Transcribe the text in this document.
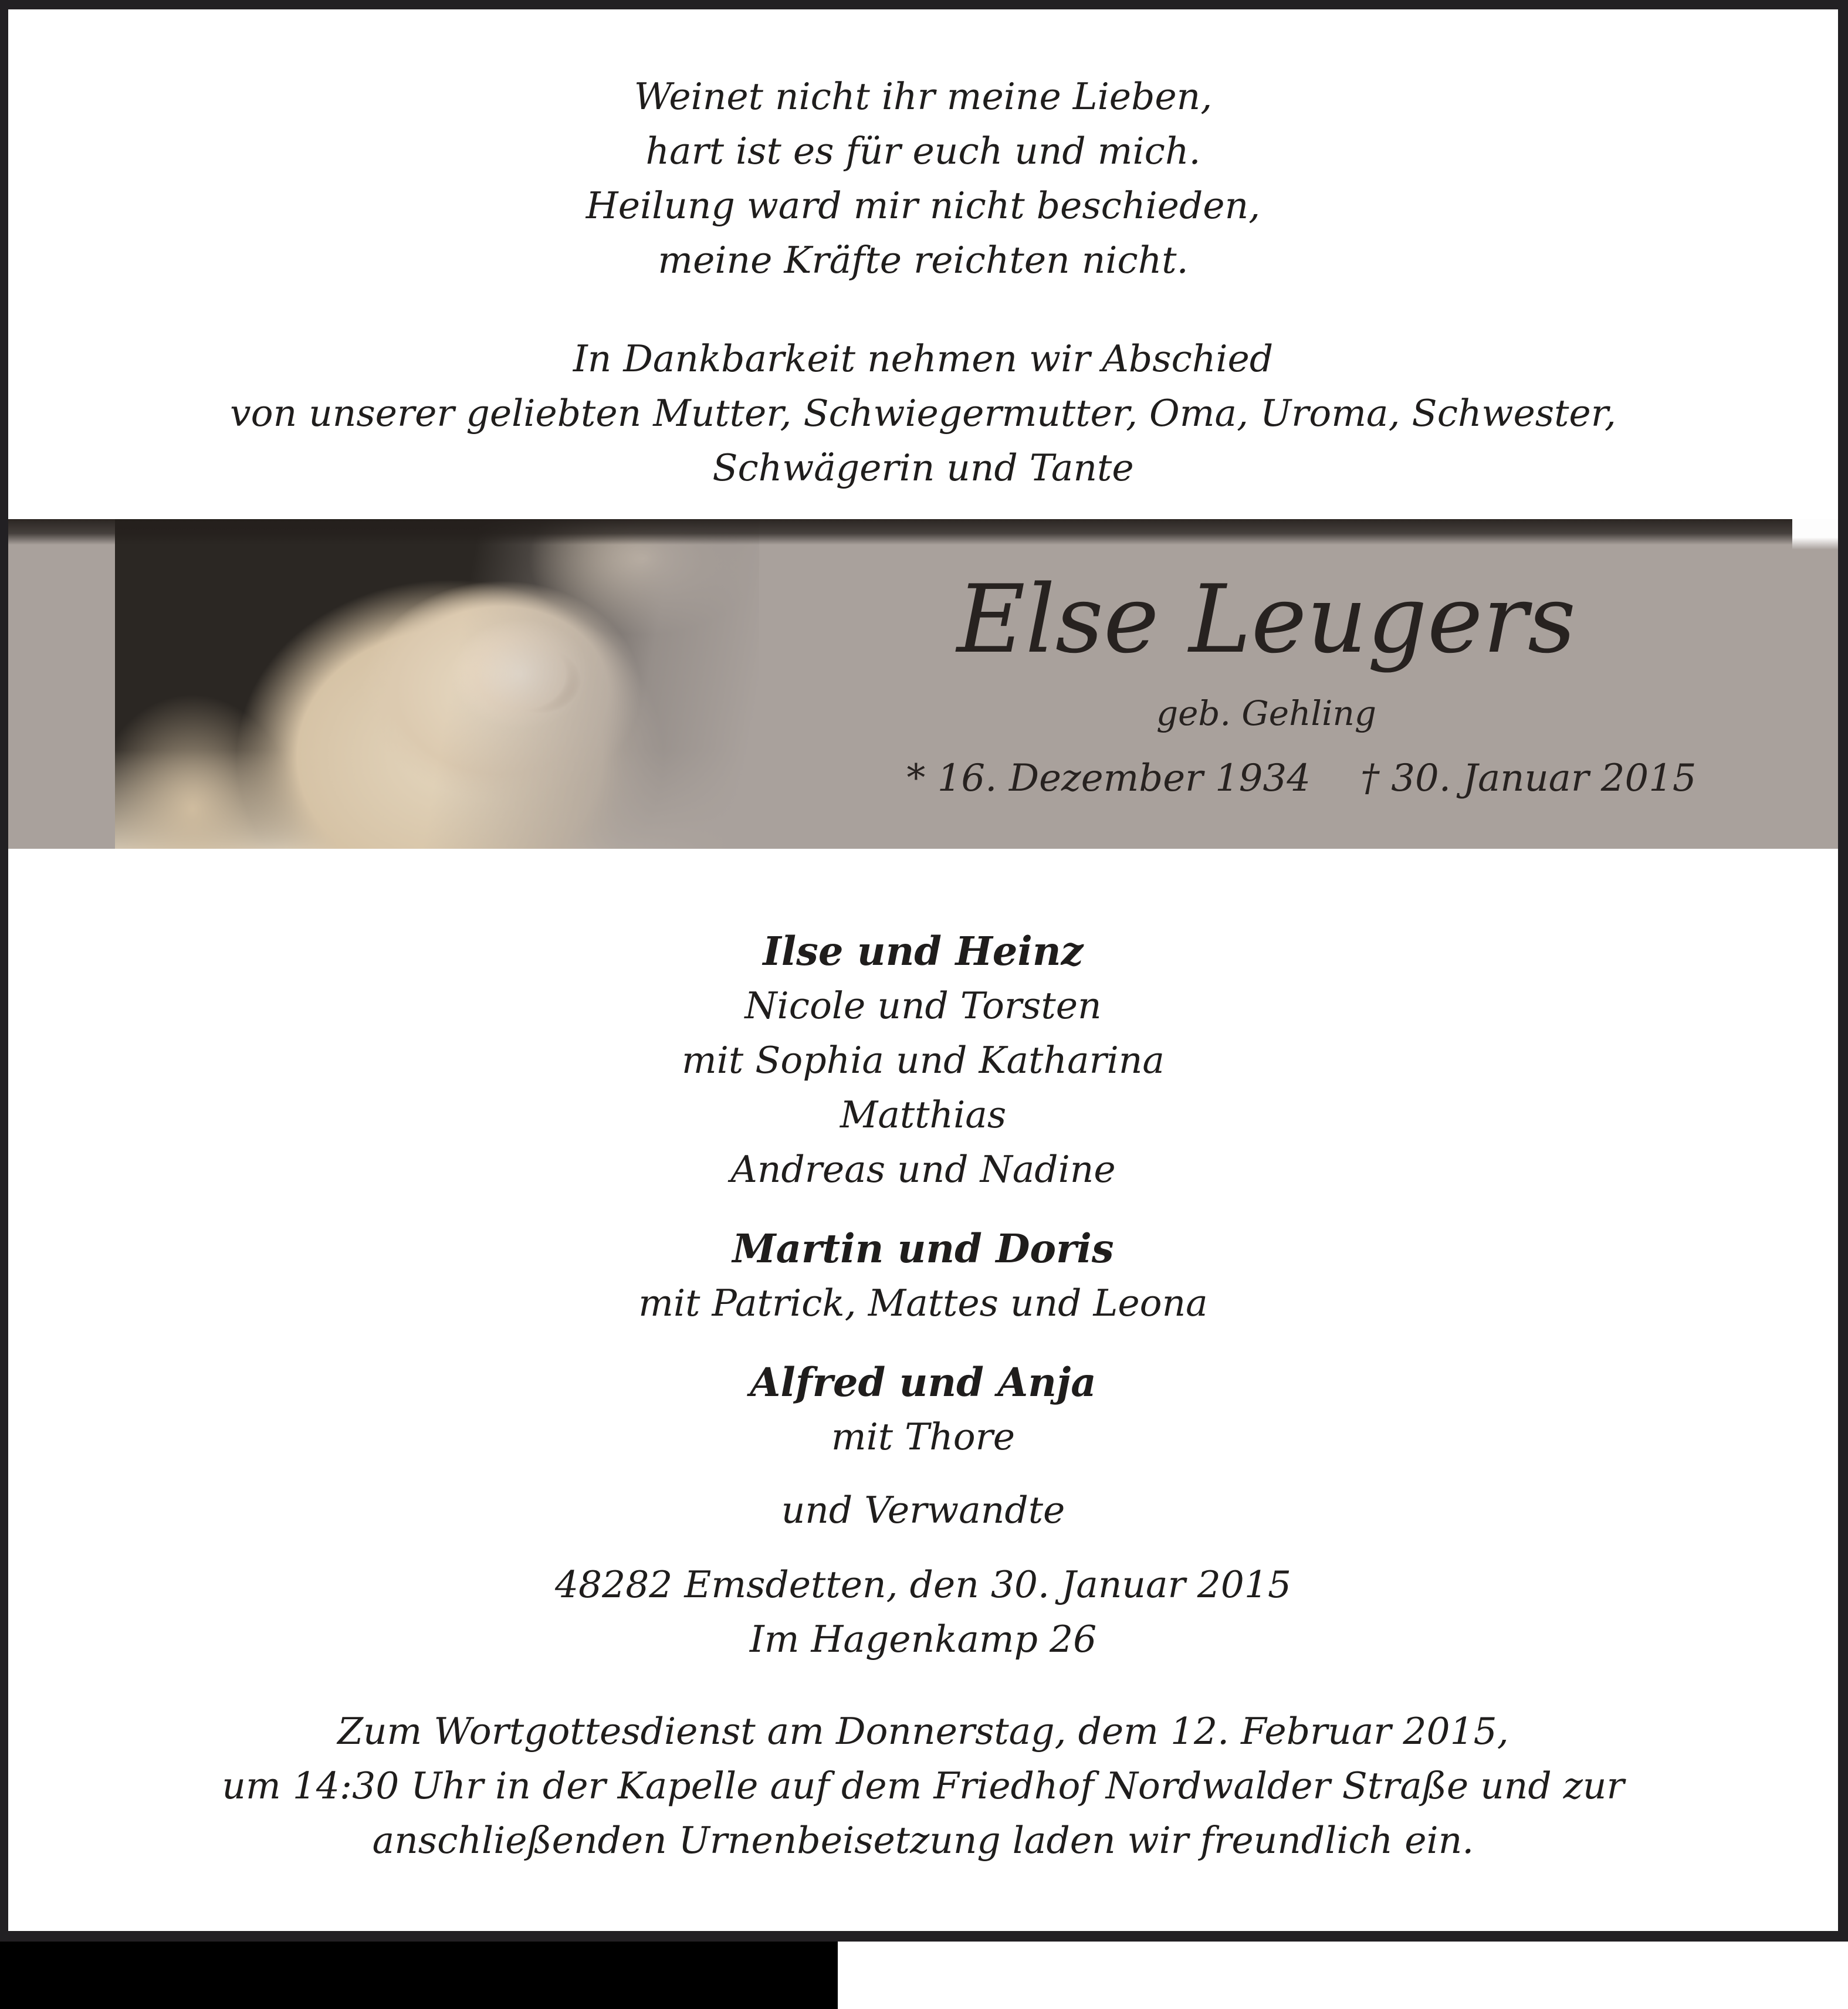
Weinet nicht ihr meine Lieben,
hart ist es für euch und mich.
Heilung ward mir nicht beschieden,
meine Kräfte reichten nicht.
In Dankbarkeit nehmen wir Abschied
von unserer geliebten Mutter, Schwiegermutter, Oma, Uroma, Schwester,
Schwägerin und Tante
Else Leugers
geb. Gehling
* 16. Dezember 1934 † 30. Januar 2015
Ilse und Heinz
Nicole und Torsten
mit Sophia und Katharina
Matthias
Andreas und Nadine
Martin und Doris
mit Patrick, Mattes und Leona
Alfred und Anja
mit Thore
und Verwandte
48282 Emsdetten, den 30. Januar 2015
Im Hagenkamp 26
Zum Wortgottesdienst am Donnerstag, dem 12. Februar 2015,
um 14:30 Uhr in der Kapelle auf dem Friedhof Nordwalder Straße und zur
anschließenden Urnenbeisetzung laden wir freundlich ein.
